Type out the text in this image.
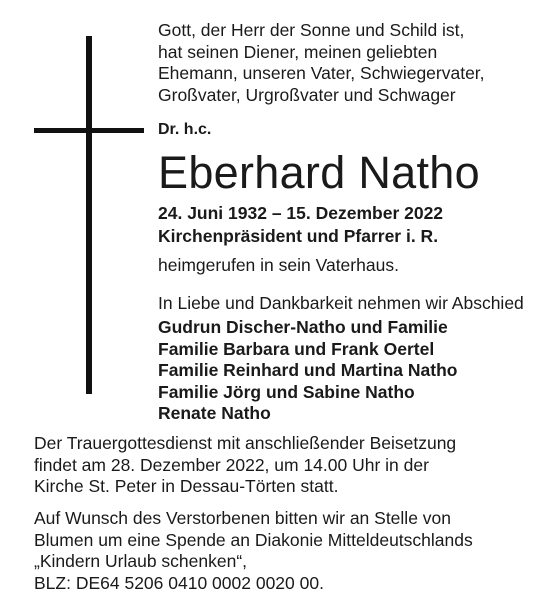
Gott, der Herr der Sonne und Schild ist,
hat seinen Diener, meinen geliebten
Ehemann, unseren Vater, Schwiegervater,
Großvater, Urgroßvater und Schwager
Dr. h.c.
Eberhard Natho
24. Juni 1932 – 15. Dezember 2022
Kirchenpräsident und Pfarrer i. R.
heimgerufen in sein Vaterhaus.
In Liebe und Dankbarkeit nehmen wir Abschied
Gudrun Discher-Natho und Familie
Familie Barbara und Frank Oertel
Familie Reinhard und Martina Natho
Familie Jörg und Sabine Natho
Renate Natho
Der Trauergottesdienst mit anschließender Beisetzung
findet am 28. Dezember 2022, um 14.00 Uhr in der
Kirche St. Peter in Dessau-Törten statt.
Auf Wunsch des Verstorbenen bitten wir an Stelle von
Blumen um eine Spende an Diakonie Mitteldeutschlands
„Kindern Urlaub schenken“,
BLZ: DE64 5206 0410 0002 0020 00.
